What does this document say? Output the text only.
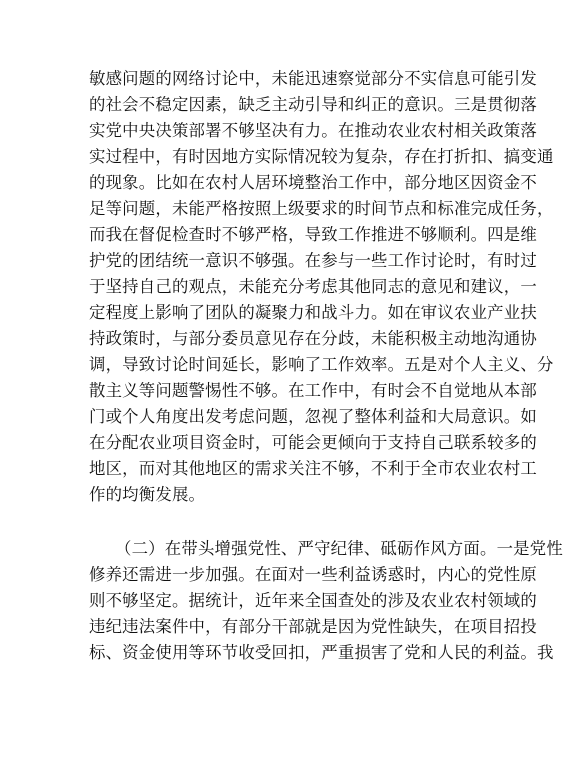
敏感问题的网络讨论中，未能迅速察觉部分不实信息可能引发
的社会不稳定因素，缺乏主动引导和纠正的意识。三是贯彻落
实党中央决策部署不够坚决有力。在推动农业农村相关政策落
实过程中，有时因地方实际情况较为复杂，存在打折扣、搞变通
的现象。比如在农村人居环境整治工作中，部分地区因资金不
足等问题，未能严格按照上级要求的时间节点和标准完成任务，
而我在督促检查时不够严格，导致工作推进不够顺利。四是维
护党的团结统一意识不够强。在参与一些工作讨论时，有时过
于坚持自己的观点，未能充分考虑其他同志的意见和建议，一
定程度上影响了团队的凝聚力和战斗力。如在审议农业产业扶
持政策时，与部分委员意见存在分歧，未能积极主动地沟通协
调，导致讨论时间延长，影响了工作效率。五是对个人主义、分
散主义等问题警惕性不够。在工作中，有时会不自觉地从本部
门或个人角度出发考虑问题，忽视了整体利益和大局意识。如
在分配农业项目资金时，可能会更倾向于支持自己联系较多的
地区，而对其他地区的需求关注不够，不利于全市农业农村工
作的均衡发展。
（二）在带头增强党性、严守纪律、砥砺作风方面。一是党性
修养还需进一步加强。在面对一些利益诱惑时，内心的党性原
则不够坚定。据统计，近年来全国查处的涉及农业农村领域的
违纪违法案件中，有部分干部就是因为党性缺失，在项目招投
标、资金使用等环节收受回扣，严重损害了党和人民的利益。我
